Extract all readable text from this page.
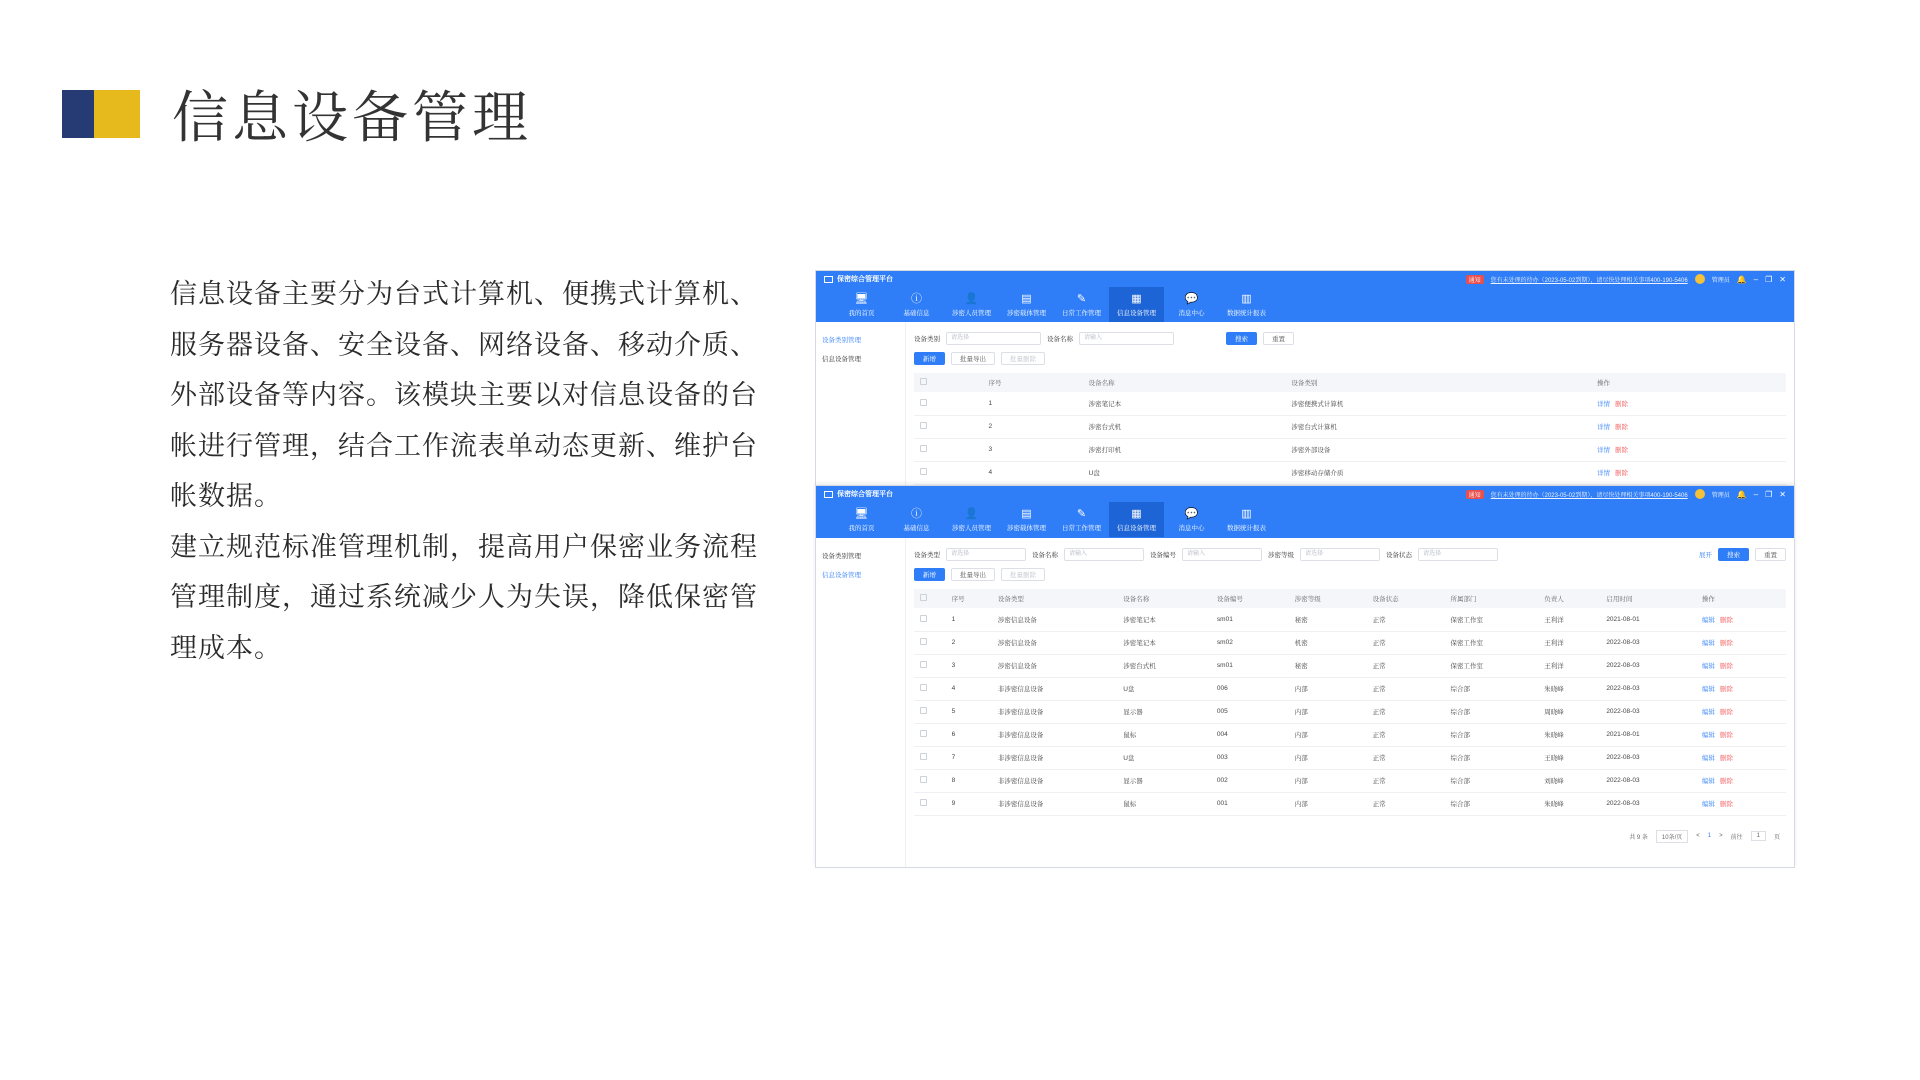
信息设备管理

信息设备主要分为台式计算机、便携式计算机、服务器设备、安全设备、网络设备、移动介质、外部设备等内容。该模块主要以对信息设备的台帐进行管理，结合工作流表单动态更新、维护台帐数据。

建立规范标准管理机制，提高用户保密业务流程管理制度，通过系统减少人为失误，降低保密管理成本。

保密综合管理平台	通知	您有未处理的待办（2023-05-02到期），请尽快处理相关事项400-190-5406	管理员 🔔 – ❐ ✕
🖥
我的首页
ⓘ
基础信息
👤
涉密人员管理
▤
涉密载体管理
✎
日常工作管理
▦
信息设备管理
💬
消息中心
▥
数据统计报表
设备类别管理
信息设备管理
设备类别	请选择	设备名称	请输入	搜索	重置
新增	批量导出	批量删除
	序号	设备名称	设备类别	操作
	1	涉密笔记本	涉密便携式计算机	详情 删除
	2	涉密台式机	涉密台式计算机	详情 删除
	3	涉密打印机	涉密外部设备	详情 删除
	4	U盘	涉密移动存储介质	详情 删除
保密综合管理平台	通知	您有未处理的待办（2023-05-02到期），请尽快处理相关事项400-190-5406	管理员 🔔 – ❐ ✕
🖥
我的首页
ⓘ
基础信息
👤
涉密人员管理
▤
涉密载体管理
✎
日常工作管理
▦
信息设备管理
💬
消息中心
▥
数据统计报表
设备类别管理
信息设备管理
设备类型	请选择	设备名称	请输入	设备编号	请输入	涉密等级	请选择	设备状态	请选择	展开	搜索	重置
新增	批量导出	批量删除
	序号	设备类型	设备名称	设备编号	涉密等级	设备状态	所属部门	负责人	启用时间	操作
	1	涉密信息设备	涉密笔记本	sm01	秘密	正常	保密工作室	王利洋	2021-08-01	编辑 删除
	2	涉密信息设备	涉密笔记本	sm02	机密	正常	保密工作室	王利洋	2022-08-03	编辑 删除
	3	涉密信息设备	涉密台式机	sm01	秘密	正常	保密工作室	王利洋	2022-08-03	编辑 删除
	4	非涉密信息设备	U盘	006	内部	正常	综合部	朱晓峰	2022-08-03	编辑 删除
	5	非涉密信息设备	显示器	005	内部	正常	综合部	周晓峰	2022-08-03	编辑 删除
	6	非涉密信息设备	鼠标	004	内部	正常	综合部	朱晓峰	2021-08-01	编辑 删除
	7	非涉密信息设备	U盘	003	内部	正常	综合部	王晓峰	2022-08-03	编辑 删除
	8	非涉密信息设备	显示器	002	内部	正常	综合部	刘晓峰	2022-08-03	编辑 删除
	9	非涉密信息设备	鼠标	001	内部	正常	综合部	朱晓峰	2022-08-03	编辑 删除
共 9 条	10条/页	< 1 > 前往	1	页
